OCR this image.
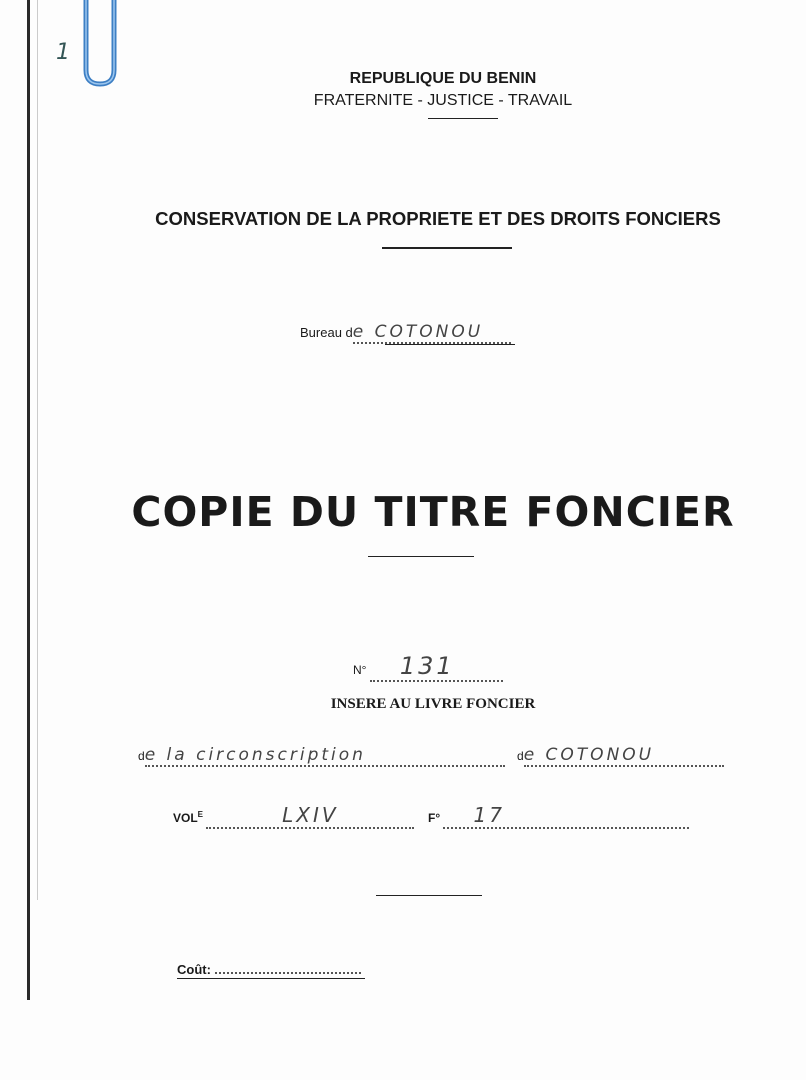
1
REPUBLIQUE DU BENIN
FRATERNITE - JUSTICE - TRAVAIL
CONSERVATION DE LA PROPRIETE ET DES DROITS FONCIERS
Bureau de COTONOU
COPIE DU TITRE FONCIER
N° 131
INSERE AU LIVRE FONCIER
de la circonscription	de COTONOU
$VOL^E$	LXIV	F° 17
Coût:
